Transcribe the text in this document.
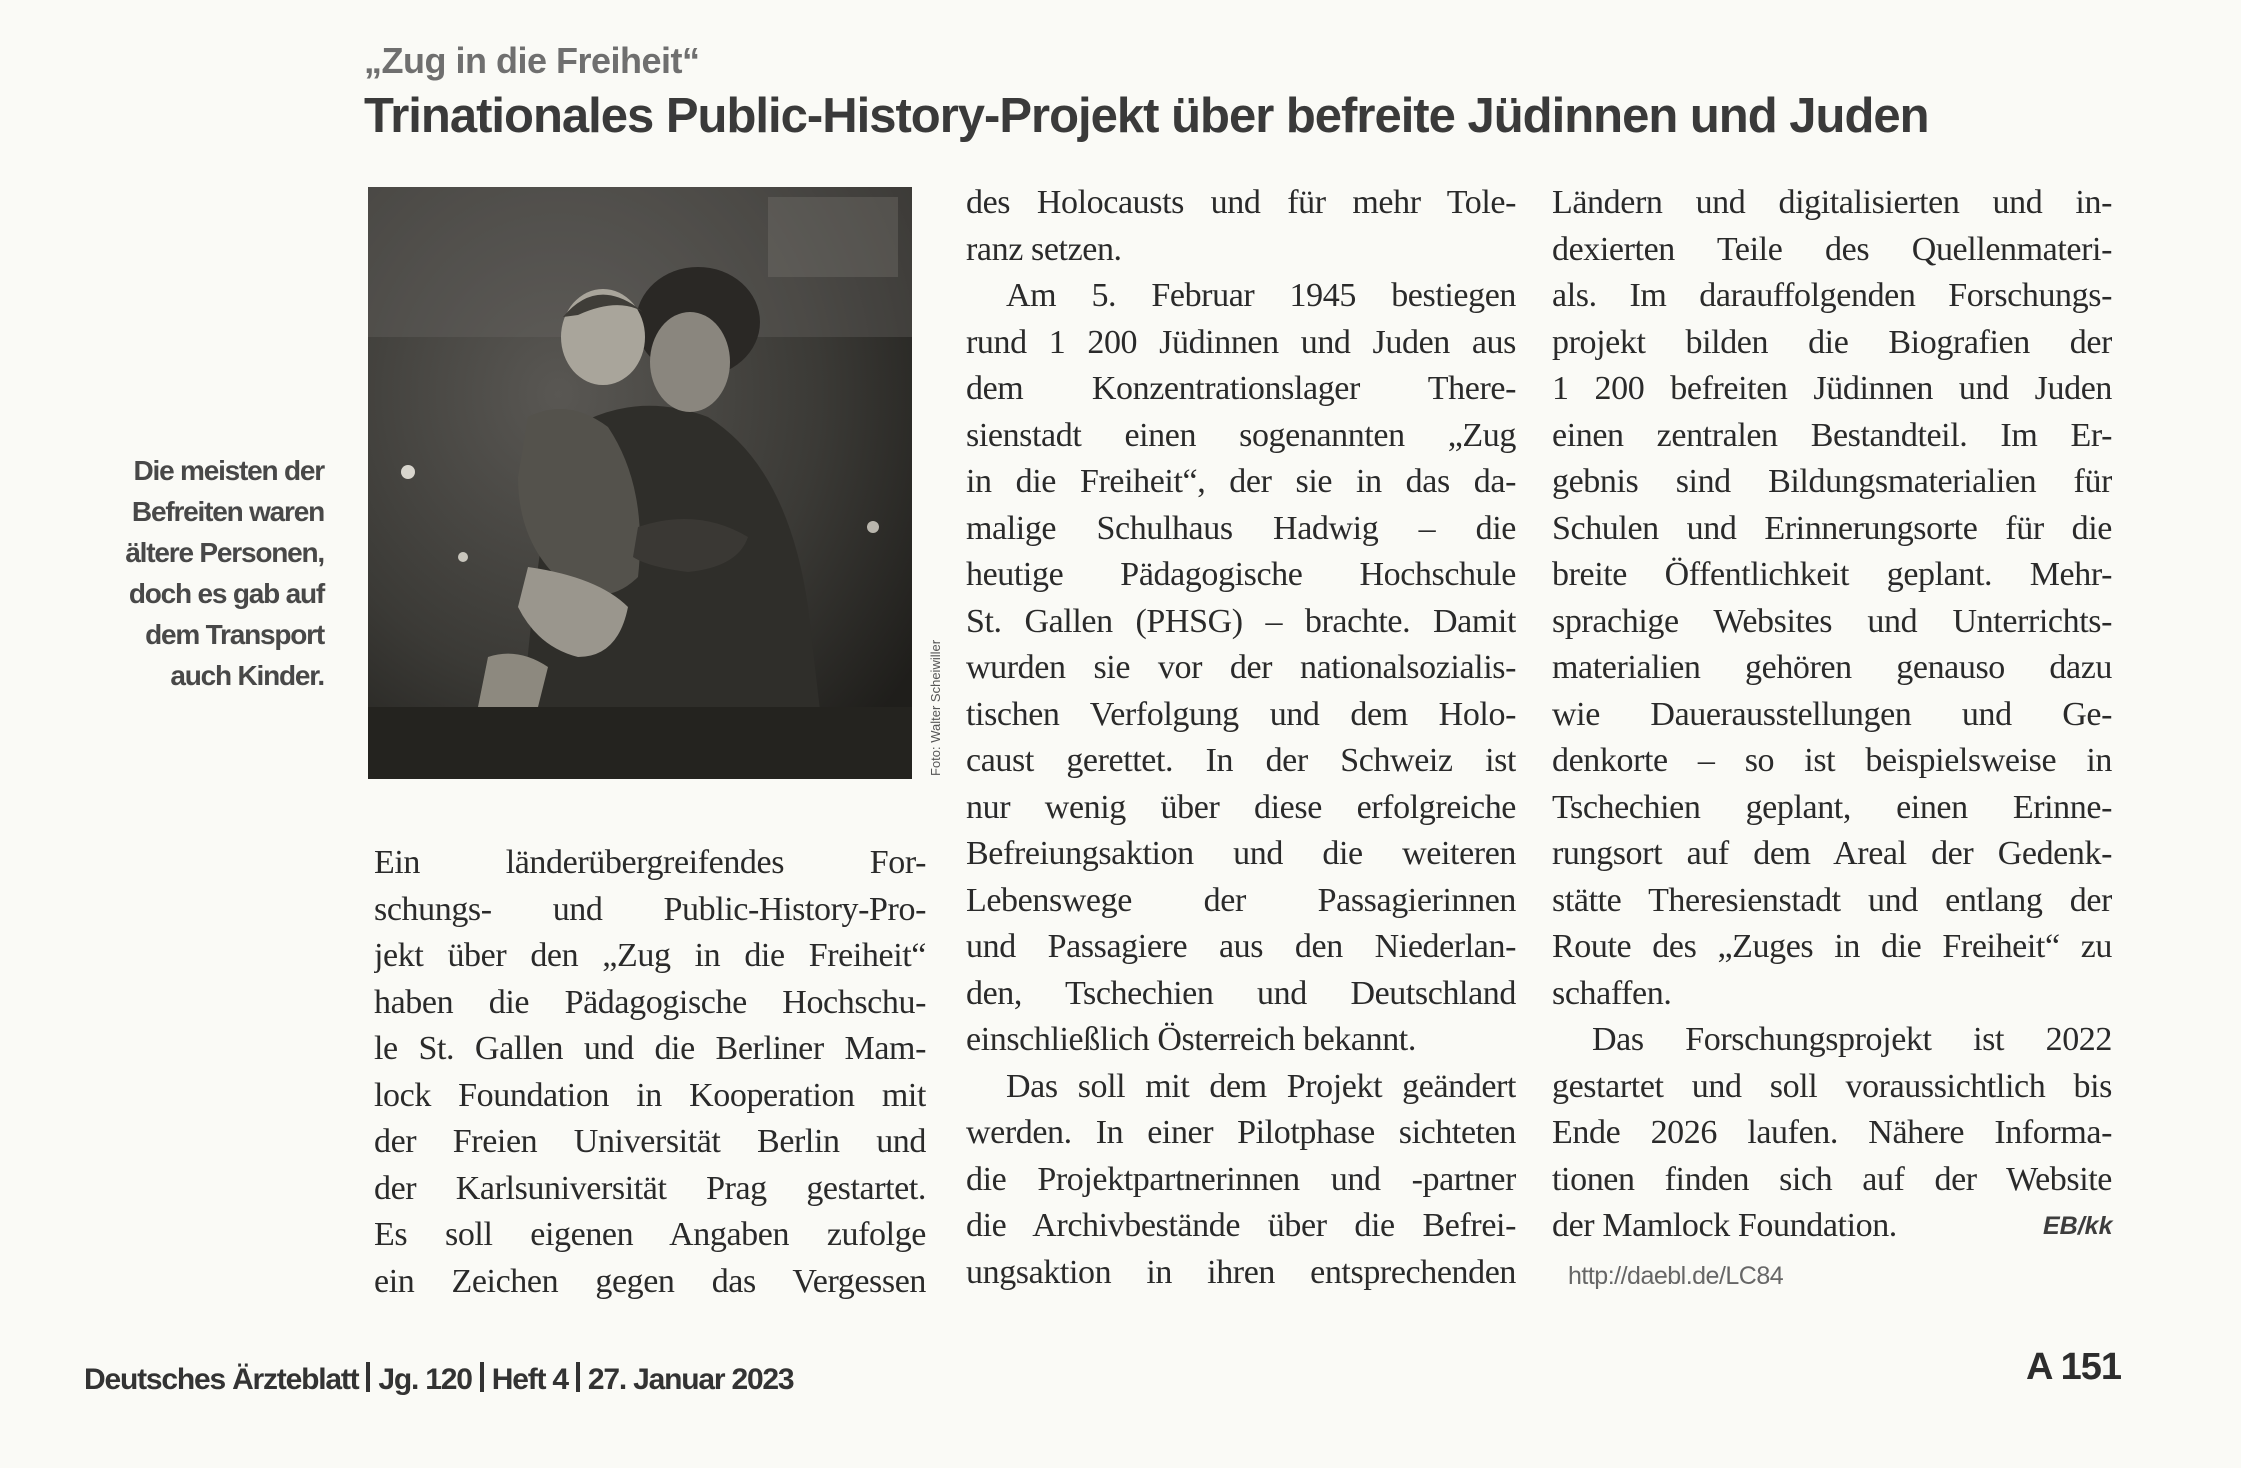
„Zug in die Freiheit“
Trinationales Public-History-Projekt über befreite Jüdinnen und Juden
Die meisten der
Befreiten waren
ältere Personen,
doch es gab auf
dem Transport
auch Kinder.	Foto: Walter Scheiwiller
Ein länderübergreifendes For-
schungs- und Public-History-Pro-
jekt über den „Zug in die Freiheit“
haben die Pädagogische Hochschu-
le St. Gallen und die Berliner Mam-
lock Foundation in Kooperation mit
der Freien Universität Berlin und
der Karlsuniversität Prag gestartet.
Es soll eigenen Angaben zufolge
ein Zeichen gegen das Vergessen
des Holocausts und für mehr Tole-
ranz setzen.
Am 5. Februar 1945 bestiegen
rund 1 200 Jüdinnen und Juden aus
dem Konzentrationslager There-
sienstadt einen sogenannten „Zug
in die Freiheit“, der sie in das da-
malige Schulhaus Hadwig – die
heutige Pädagogische Hochschule
St. Gallen (PHSG) – brachte. Damit
wurden sie vor der nationalsozialis-
tischen Verfolgung und dem Holo-
caust gerettet. In der Schweiz ist
nur wenig über diese erfolgreiche
Befreiungsaktion und die weiteren
Lebenswege der Passagierinnen
und Passagiere aus den Niederlan-
den, Tschechien und Deutschland
einschließlich Österreich bekannt.
Das soll mit dem Projekt geändert
werden. In einer Pilotphase sichteten
die Projektpartnerinnen und -partner
die Archivbestände über die Befrei-
ungsaktion in ihren entsprechenden
Ländern und digitalisierten und in-
dexierten Teile des Quellenmateri-
als. Im darauffolgenden Forschungs-
projekt bilden die Biografien der
1 200 befreiten Jüdinnen und Juden
einen zentralen Bestandteil. Im Er-
gebnis sind Bildungsmaterialien für
Schulen und Erinnerungsorte für die
breite Öffentlichkeit geplant. Mehr-
sprachige Websites und Unterrichts-
materialien gehören genauso dazu
wie Dauerausstellungen und Ge-
denkorte – so ist beispielsweise in
Tschechien geplant, einen Erinne-
rungsort auf dem Areal der Gedenk-
stätte Theresienstadt und entlang der
Route des „Zuges in die Freiheit“ zu
schaffen.
Das Forschungsprojekt ist 2022
gestartet und soll voraussichtlich bis
Ende 2026 laufen. Nähere Informa-
tionen finden sich auf der Website
der Mamlock Foundation.	EB/kk
http://daebl.de/LC84
Deutsches Ärzteblatt Jg. 120 Heft 4 27. Januar 2023	A 151
